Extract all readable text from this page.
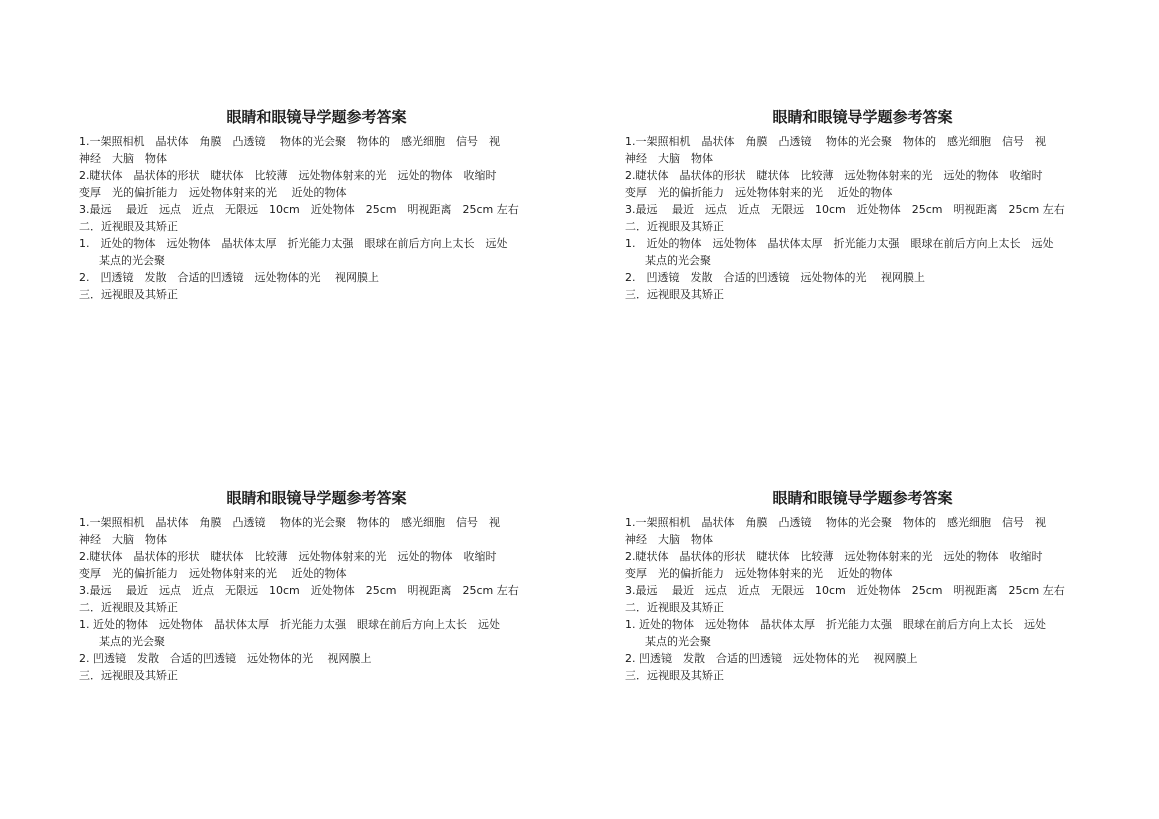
眼睛和眼镜导学题参考答案
1.一架照相机　晶状体　角膜　凸透镜　 物体的光会聚　物体的　感光细胞　信号　视
神经　大脑　物体
2.睫状体　晶状体的形状　睫状体　比较薄　远处物体射来的光　远处的物体　收缩时
变厚　光的偏折能力　远处物体射来的光　 近处的物体
3.最远　 最近　远点　近点　无限远　10cm　近处物体　25cm　明视距离　25cm 左右
二．近视眼及其矫正
1.　近处的物体　远处物体　晶状体太厚　折光能力太强　眼球在前后方向上太长　远处
某点的光会聚
2.　凹透镜　发散　合适的凹透镜　远处物体的光　 视网膜上
三．远视眼及其矫正
眼睛和眼镜导学题参考答案
1.一架照相机　晶状体　角膜　凸透镜　 物体的光会聚　物体的　感光细胞　信号　视
神经　大脑　物体
2.睫状体　晶状体的形状　睫状体　比较薄　远处物体射来的光　远处的物体　收缩时
变厚　光的偏折能力　远处物体射来的光　 近处的物体
3.最远　 最近　远点　近点　无限远　10cm　近处物体　25cm　明视距离　25cm 左右
二．近视眼及其矫正
1.　近处的物体　远处物体　晶状体太厚　折光能力太强　眼球在前后方向上太长　远处
某点的光会聚
2.　凹透镜　发散　合适的凹透镜　远处物体的光　 视网膜上
三．远视眼及其矫正
眼睛和眼镜导学题参考答案
1.一架照相机　晶状体　角膜　凸透镜　 物体的光会聚　物体的　感光细胞　信号　视
神经　大脑　物体
2.睫状体　晶状体的形状　睫状体　比较薄　远处物体射来的光　远处的物体　收缩时
变厚　光的偏折能力　远处物体射来的光　 近处的物体
3.最远　 最近　远点　近点　无限远　10cm　近处物体　25cm　明视距离　25cm 左右
二．近视眼及其矫正
1. 近处的物体　远处物体　晶状体太厚　折光能力太强　眼球在前后方向上太长　远处
某点的光会聚
2. 凹透镜　发散　合适的凹透镜　远处物体的光　 视网膜上
三．远视眼及其矫正
眼睛和眼镜导学题参考答案
1.一架照相机　晶状体　角膜　凸透镜　 物体的光会聚　物体的　感光细胞　信号　视
神经　大脑　物体
2.睫状体　晶状体的形状　睫状体　比较薄　远处物体射来的光　远处的物体　收缩时
变厚　光的偏折能力　远处物体射来的光　 近处的物体
3.最远　 最近　远点　近点　无限远　10cm　近处物体　25cm　明视距离　25cm 左右
二．近视眼及其矫正
1. 近处的物体　远处物体　晶状体太厚　折光能力太强　眼球在前后方向上太长　远处
某点的光会聚
2. 凹透镜　发散　合适的凹透镜　远处物体的光　 视网膜上
三．远视眼及其矫正
